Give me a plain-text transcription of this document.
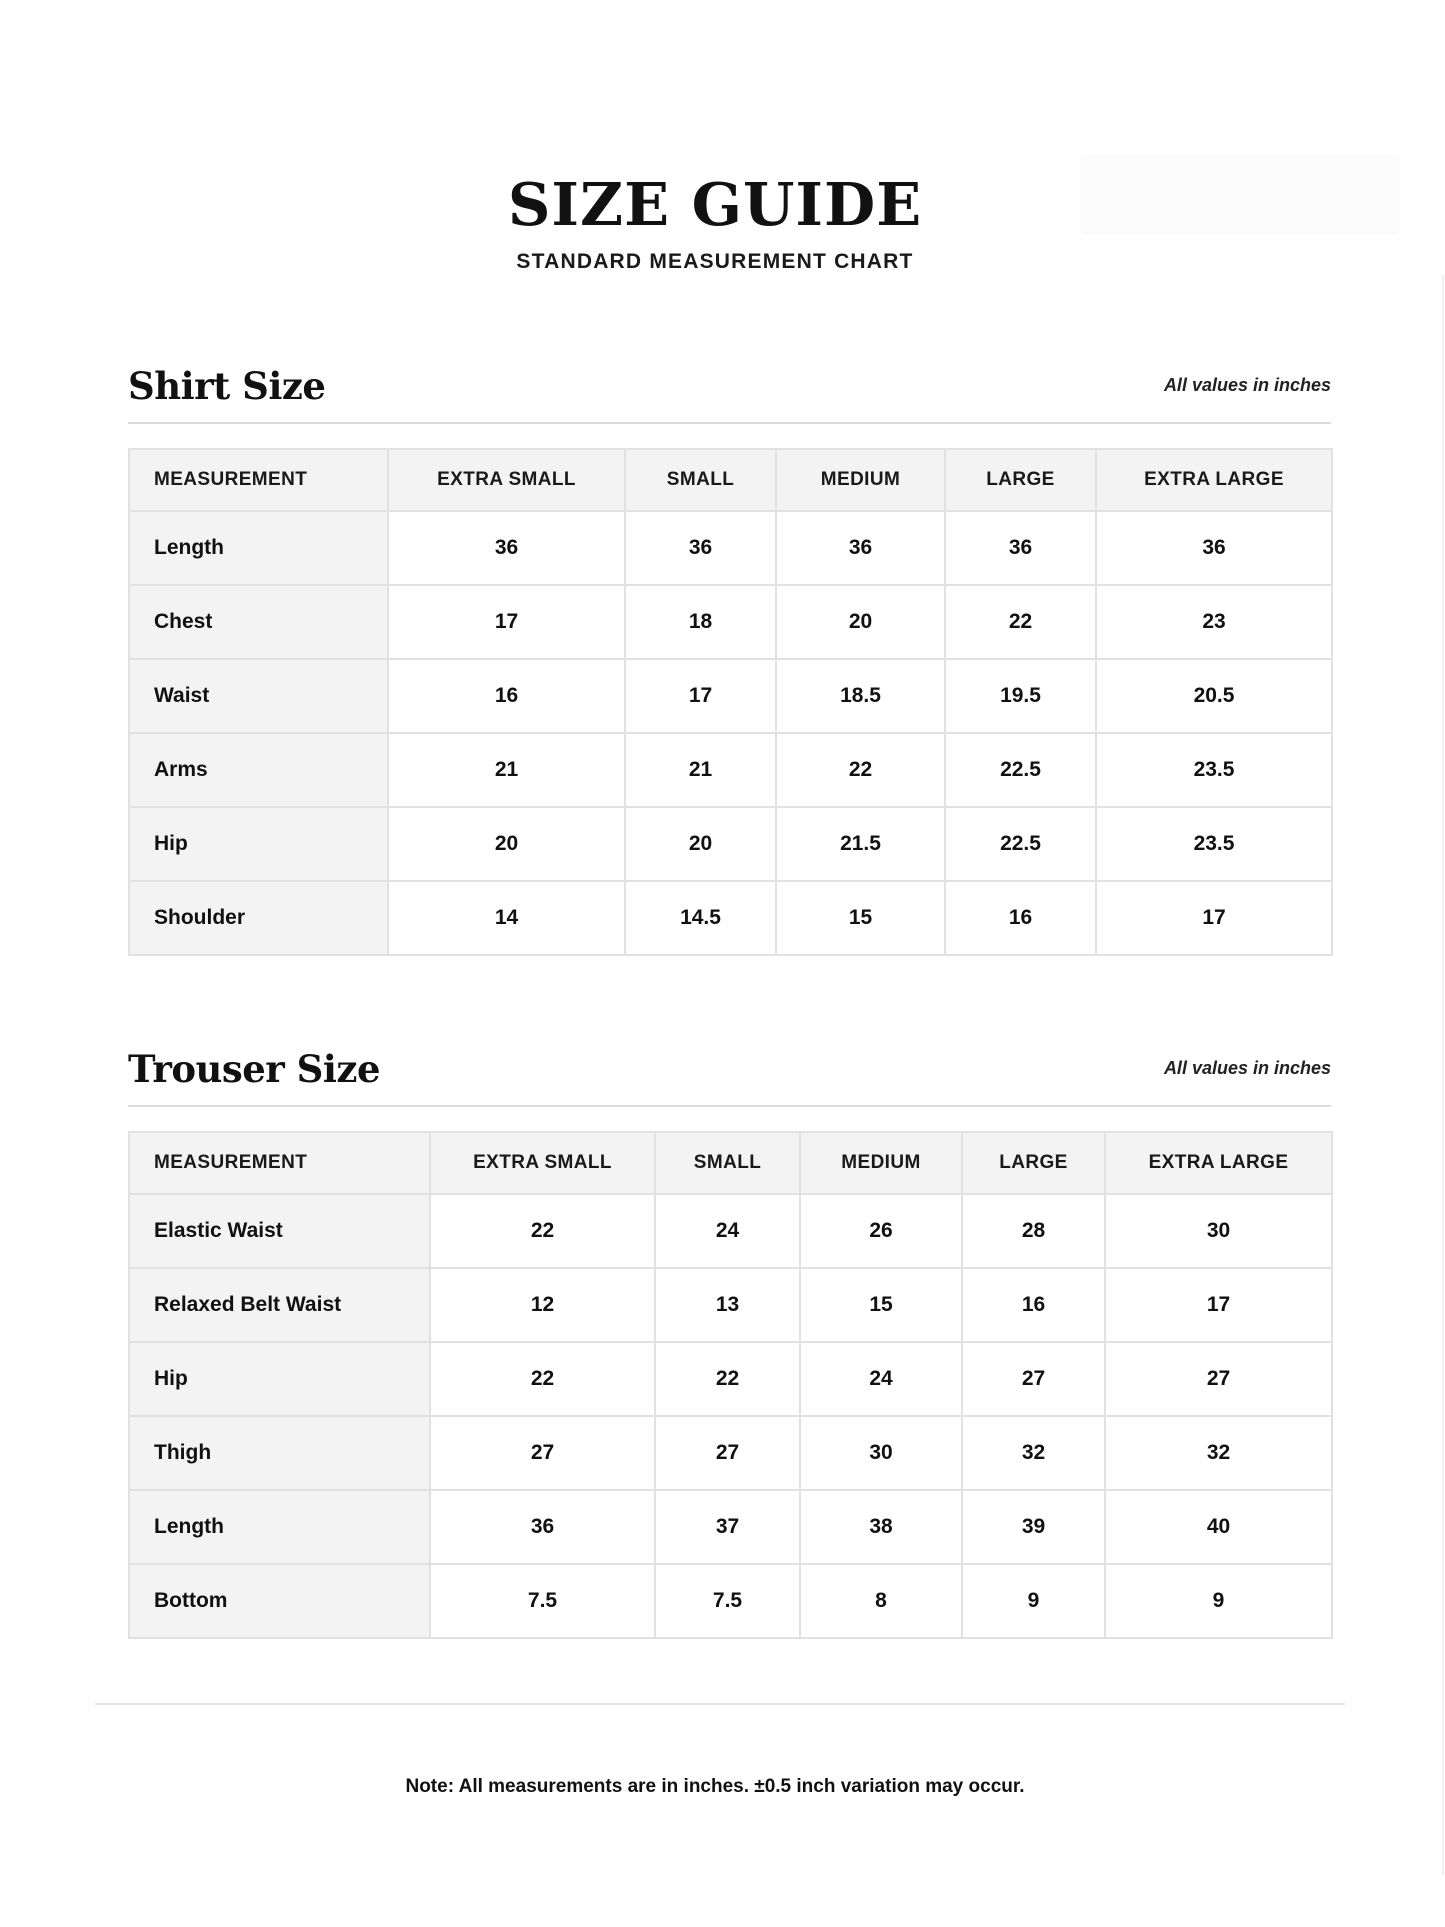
SIZE GUIDE
STANDARD MEASUREMENT CHART
Shirt Size	All values in inches
MEASUREMENT	EXTRA SMALL	SMALL	MEDIUM	LARGE	EXTRA LARGE
Length	36	36	36	36	36
Chest	17	18	20	22	23
Waist	16	17	18.5	19.5	20.5
Arms	21	21	22	22.5	23.5
Hip	20	20	21.5	22.5	23.5
Shoulder	14	14.5	15	16	17
Trouser Size	All values in inches
MEASUREMENT	EXTRA SMALL	SMALL	MEDIUM	LARGE	EXTRA LARGE
Elastic Waist	22	24	26	28	30
Relaxed Belt Waist	12	13	15	16	17
Hip	22	22	24	27	27
Thigh	27	27	30	32	32
Length	36	37	38	39	40
Bottom	7.5	7.5	8	9	9
Note: All measurements are in inches. ±0.5 inch variation may occur.
